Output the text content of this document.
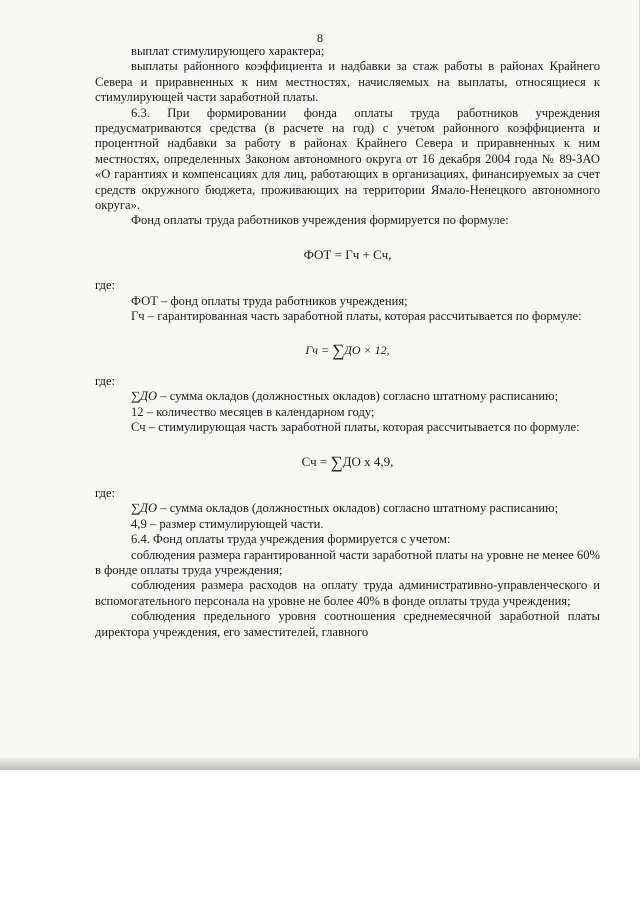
8

выплат стимулирующего характера;

выплаты районного коэффициента и надбавки за стаж работы в районах Крайнего Севера и приравненных к ним местностях, начисляемых на выплаты, относящиеся к стимулирующей части заработной платы.

6.3. При формировании фонда оплаты труда работников учреждения предусматриваются средства (в расчете на год) с учетом районного коэффициента и процентной надбавки за работу в районах Крайнего Севера и приравненных к ним местностях, определенных Законом автономного округа от 16 декабря 2004 года № 89-ЗАО «О гарантиях и компенсациях для лиц, работающих в организациях, финансируемых за счет средств окружного бюджета, проживающих на территории Ямало-Ненецкого автономного округа».

Фонд оплаты труда работников учреждения формируется по формуле:

ФОТ = Гч + Сч,

где:

ФОТ – фонд оплаты труда работников учреждения;

Гч – гарантированная часть заработной платы, которая рассчитывается по формуле:

Гч = ∑ДО × 12,

где:

∑ДО – сумма окладов (должностных окладов) согласно штатному расписанию;

12 – количество месяцев в календарном году;

Сч – стимулирующая часть заработной платы, которая рассчитывается по формуле:

Сч = ∑ДО x 4,9,

где:

∑ДО – сумма окладов (должностных окладов) согласно штатному расписанию;

4,9 – размер стимулирующей части.

6.4. Фонд оплаты труда учреждения формируется с учетом:

соблюдения размера гарантированной части заработной платы на уровне не менее 60% в фонде оплаты труда учреждения;

соблюдения размера расходов на оплату труда административно-управленческого и вспомогательного персонала на уровне не более 40% в фонде оплаты труда учреждения;

соблюдения предельного уровня соотношения среднемесячной заработной платы директора учреждения, его заместителей, главного
